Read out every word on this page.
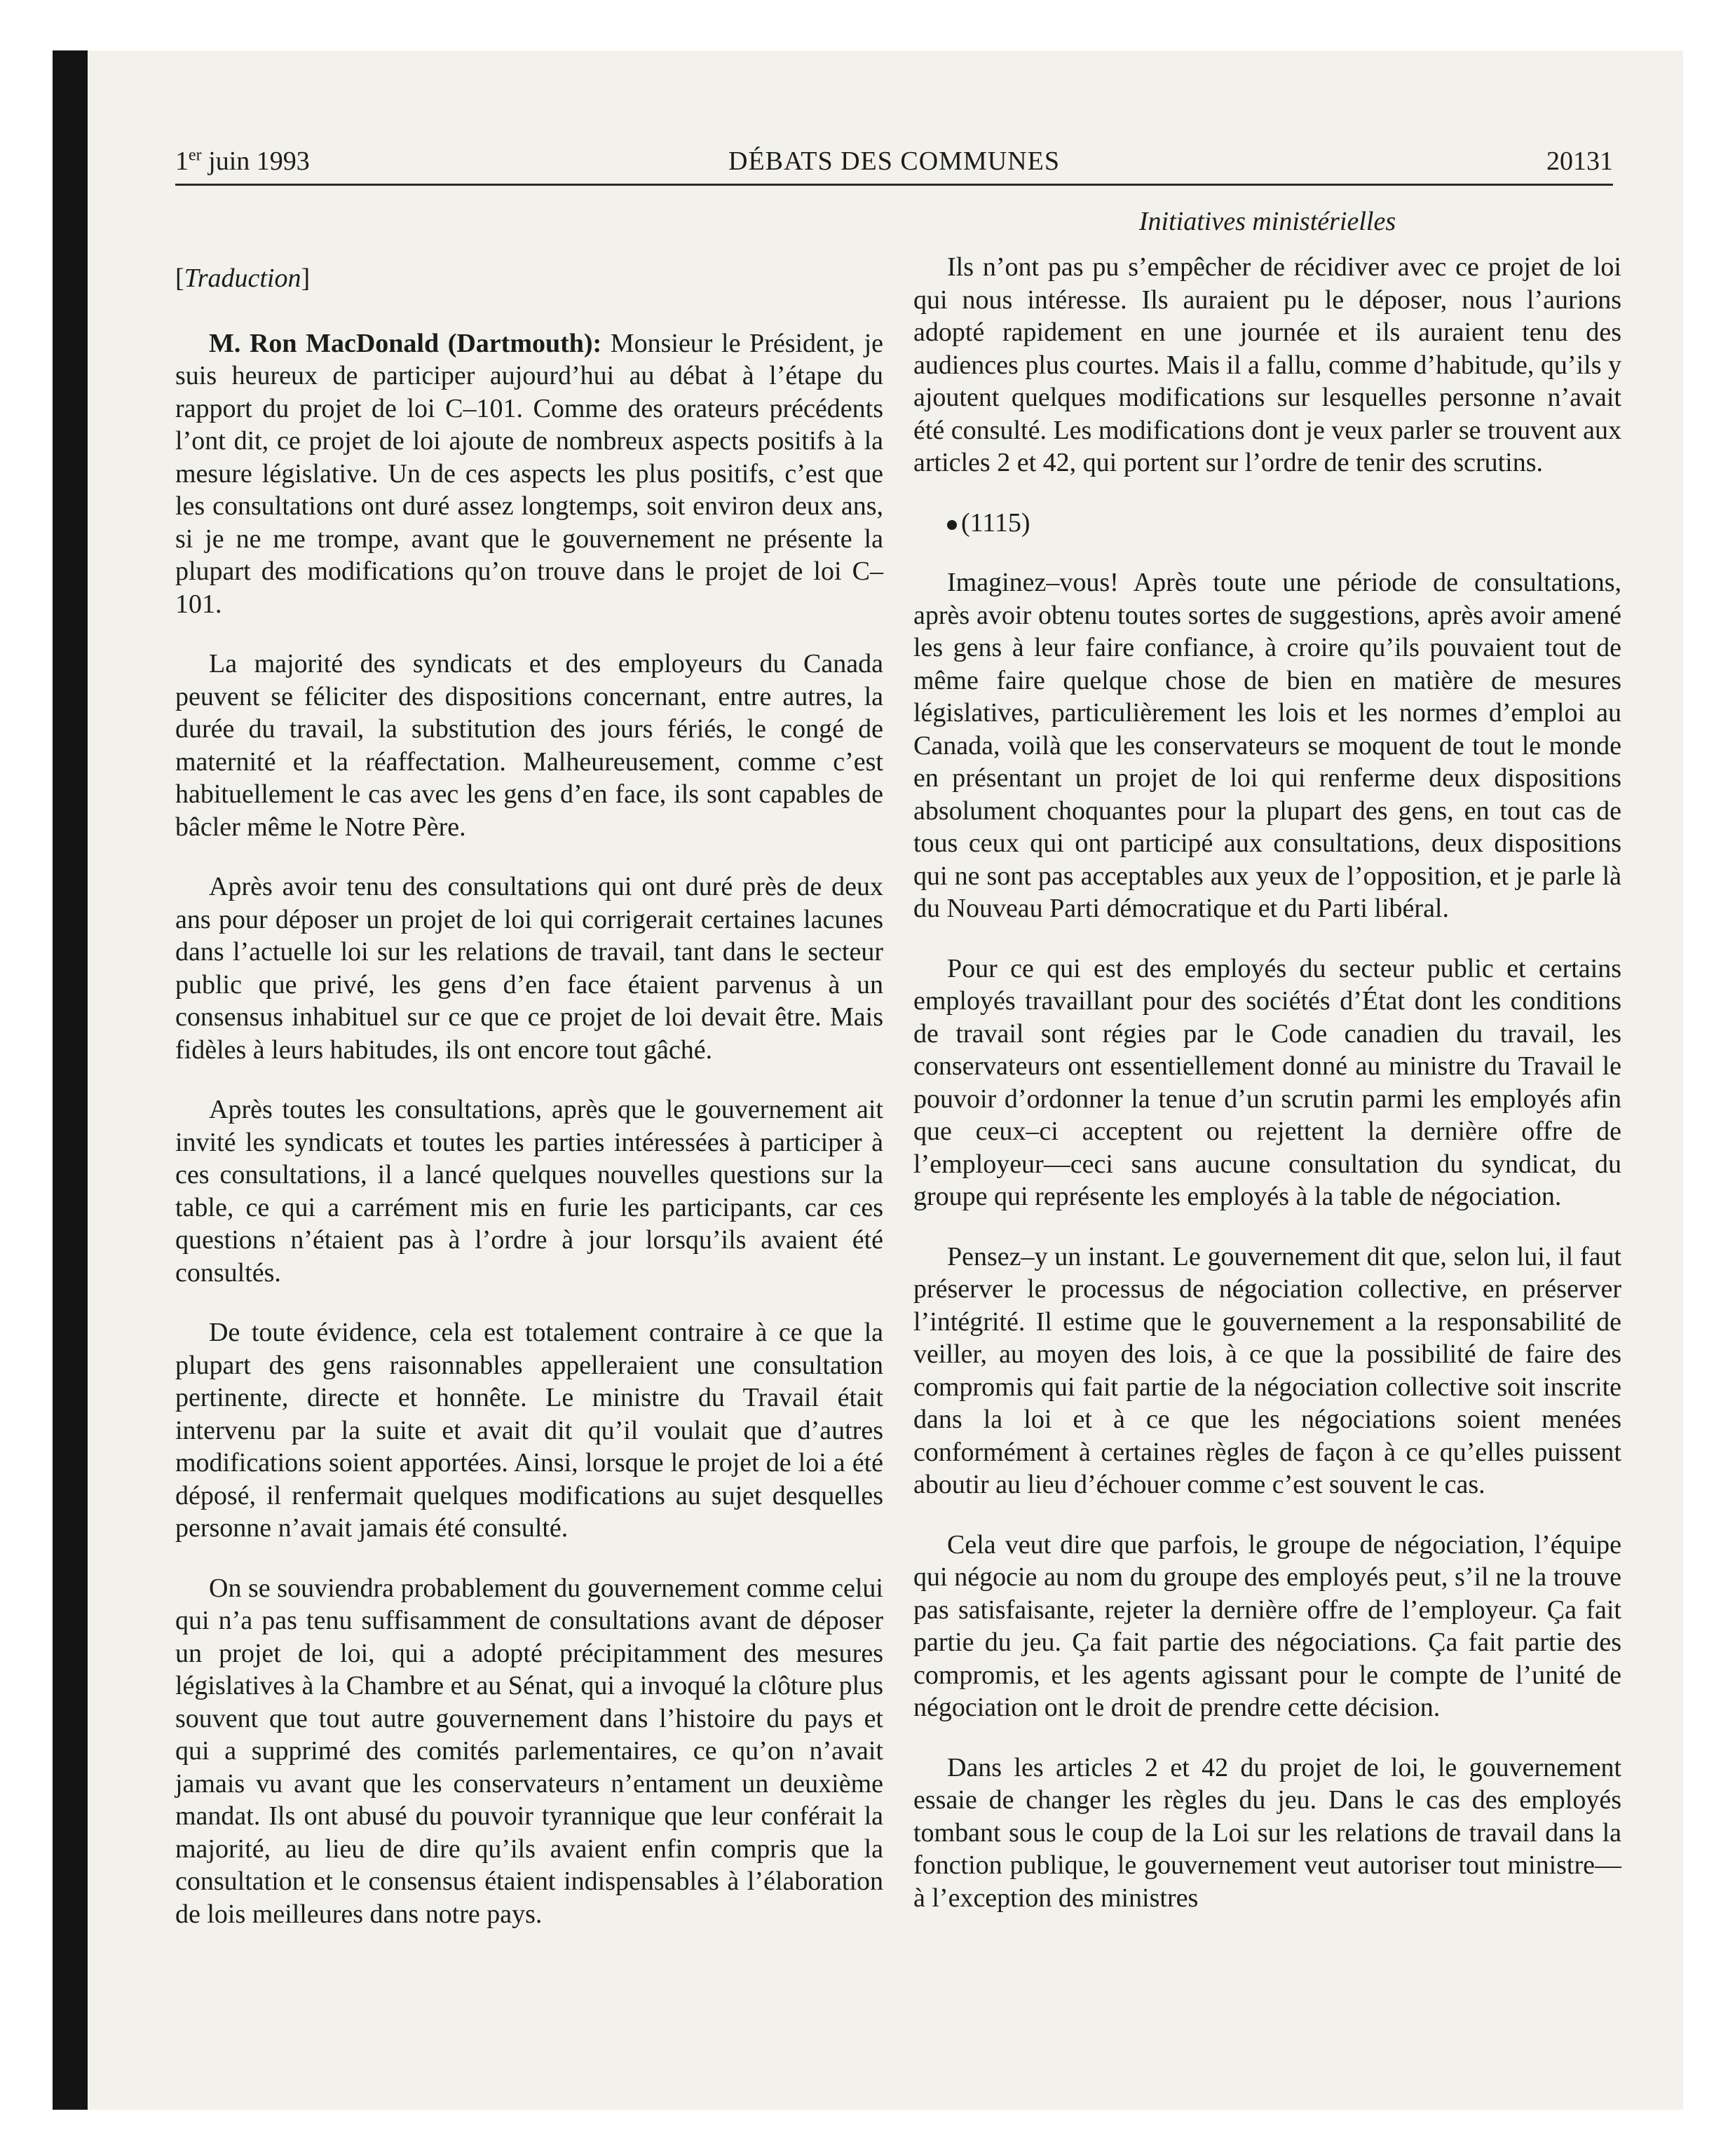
1er juin 1993	DÉBATS DES COMMUNES	20131
Initiatives ministérielles

[Traduction]

M. Ron MacDonald (Dartmouth): Monsieur le Président, je suis heureux de participer aujourd’hui au débat à l’étape du rapport du projet de loi C–101. Comme des orateurs précédents l’ont dit, ce projet de loi ajoute de nombreux aspects positifs à la mesure législative. Un de ces aspects les plus positifs, c’est que les consultations ont duré assez longtemps, soit environ deux ans, si je ne me trompe, avant que le gouvernement ne présente la plupart des modifications qu’on trouve dans le projet de loi C–101.

La majorité des syndicats et des employeurs du Canada peuvent se féliciter des dispositions concernant, entre autres, la durée du travail, la substitution des jours fériés, le congé de maternité et la réaffectation. Malheureusement, comme c’est habituellement le cas avec les gens d’en face, ils sont capables de bâcler même le Notre Père.

Après avoir tenu des consultations qui ont duré près de deux ans pour déposer un projet de loi qui corrigerait certaines lacunes dans l’actuelle loi sur les relations de travail, tant dans le secteur public que privé, les gens d’en face étaient parvenus à un consensus inhabituel sur ce que ce projet de loi devait être. Mais fidèles à leurs habitudes, ils ont encore tout gâché.

Après toutes les consultations, après que le gouvernement ait invité les syndicats et toutes les parties intéressées à participer à ces consultations, il a lancé quelques nouvelles questions sur la table, ce qui a carrément mis en furie les participants, car ces questions n’étaient pas à l’ordre à jour lorsqu’ils avaient été consultés.

De toute évidence, cela est totalement contraire à ce que la plupart des gens raisonnables appelleraient une consultation pertinente, directe et honnête. Le ministre du Travail était intervenu par la suite et avait dit qu’il voulait que d’autres modifications soient apportées. Ainsi, lorsque le projet de loi a été déposé, il renfermait quelques modifications au sujet desquelles personne n’avait jamais été consulté.

On se souviendra probablement du gouvernement comme celui qui n’a pas tenu suffisamment de consultations avant de déposer un projet de loi, qui a adopté précipitamment des mesures législatives à la Chambre et au Sénat, qui a invoqué la clôture plus souvent que tout autre gouvernement dans l’histoire du pays et qui a supprimé des comités parlementaires, ce qu’on n’avait jamais vu avant que les conservateurs n’entament un deuxième mandat. Ils ont abusé du pouvoir tyrannique que leur conférait la majorité, au lieu de dire qu’ils avaient enfin compris que la consultation et le consensus étaient indispensables à l’élaboration de lois meilleures dans notre pays.

Ils n’ont pas pu s’empêcher de récidiver avec ce projet de loi qui nous intéresse. Ils auraient pu le déposer, nous l’aurions adopté rapidement en une journée et ils auraient tenu des audiences plus courtes. Mais il a fallu, comme d’habitude, qu’ils y ajoutent quelques modifications sur lesquelles personne n’avait été consulté. Les modifications dont je veux parler se trouvent aux articles 2 et 42, qui portent sur l’ordre de tenir des scrutins.

(1115)

Imaginez–vous! Après toute une période de consultations, après avoir obtenu toutes sortes de suggestions, après avoir amené les gens à leur faire confiance, à croire qu’ils pouvaient tout de même faire quelque chose de bien en matière de mesures législatives, particulièrement les lois et les normes d’emploi au Canada, voilà que les conservateurs se moquent de tout le monde en présentant un projet de loi qui renferme deux dispositions absolument choquantes pour la plupart des gens, en tout cas de tous ceux qui ont participé aux consultations, deux dispositions qui ne sont pas acceptables aux yeux de l’opposition, et je parle là du Nouveau Parti démocratique et du Parti libéral.

Pour ce qui est des employés du secteur public et certains employés travaillant pour des sociétés d’État dont les conditions de travail sont régies par le Code canadien du travail, les conservateurs ont essentiellement donné au ministre du Travail le pouvoir d’ordonner la tenue d’un scrutin parmi les employés afin que ceux–ci acceptent ou rejettent la dernière offre de l’employeur—ceci sans aucune consultation du syndicat, du groupe qui représente les employés à la table de négociation.

Pensez–y un instant. Le gouvernement dit que, selon lui, il faut préserver le processus de négociation collective, en préserver l’intégrité. Il estime que le gouvernement a la responsabilité de veiller, au moyen des lois, à ce que la possibilité de faire des compromis qui fait partie de la négociation collective soit inscrite dans la loi et à ce que les négociations soient menées conformément à certaines règles de façon à ce qu’elles puissent aboutir au lieu d’échouer comme c’est souvent le cas.

Cela veut dire que parfois, le groupe de négociation, l’équipe qui négocie au nom du groupe des employés peut, s’il ne la trouve pas satisfaisante, rejeter la dernière offre de l’employeur. Ça fait partie du jeu. Ça fait partie des négociations. Ça fait partie des compromis, et les agents agissant pour le compte de l’unité de négociation ont le droit de prendre cette décision.

Dans les articles 2 et 42 du projet de loi, le gouvernement essaie de changer les règles du jeu. Dans le cas des employés tombant sous le coup de la Loi sur les relations de travail dans la fonction publique, le gouvernement veut autoriser tout ministre—à l’exception des ministres
